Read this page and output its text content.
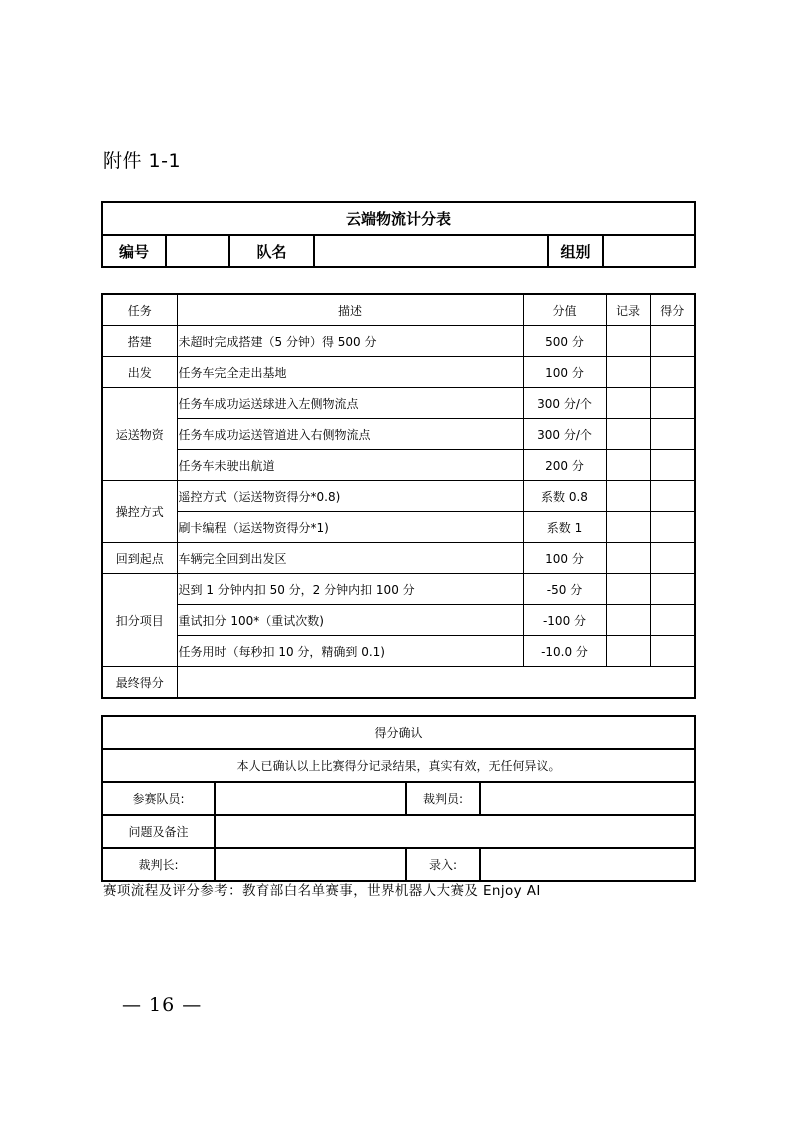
附件 1-1
云端物流计分表
编号		队名		组别	
任务	描述	分值	记录	得分
搭建	未超时完成搭建（5 分钟）得 500 分	500 分		
出发	任务车完全走出基地	100 分		
运送物资	任务车成功运送球进入左侧物流点	300 分/个		
	任务车成功运送管道进入右侧物流点	300 分/个		
	任务车未驶出航道	200 分		
操控方式	遥控方式（运送物资得分*0.8)	系数 0.8		
	刷卡编程（运送物资得分*1)	系数 1		
回到起点	车辆完全回到出发区	100 分		
扣分项目	迟到 1 分钟内扣 50 分，2 分钟内扣 100 分	-50 分		
	重试扣分 100*（重试次数)	-100 分		
	任务用时（每秒扣 10 分，精确到 0.1)	-10.0 分		
最终得分				
得分确认			
本人已确认以上比赛得分记录结果，真实有效，无任何异议。			
参赛队员:		裁判员:	
问题及备注			
裁判长:		录入:	
赛项流程及评分参考：教育部白名单赛事，世界机器人大赛及 Enjoy AI
— 16 —
